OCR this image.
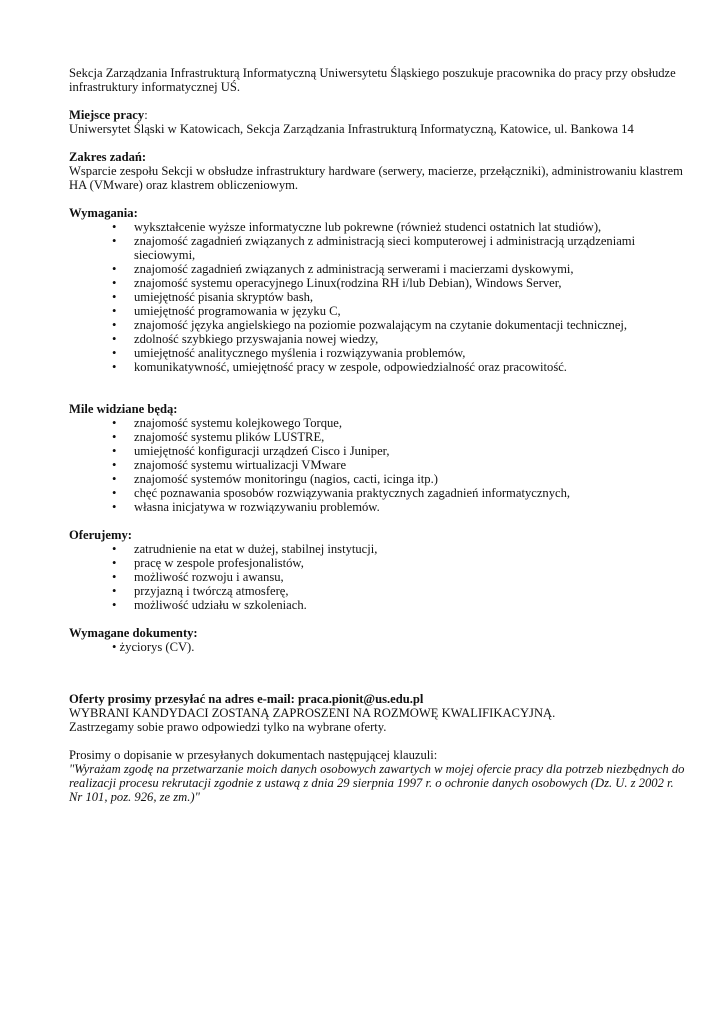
Sekcja Zarządzania Infrastrukturą Informatyczną Uniwersytetu Śląskiego poszukuje pracownika do pracy przy obsłudze infrastruktury informatycznej UŚ.

Miejsce pracy:

Uniwersytet Śląski w Katowicach, Sekcja Zarządzania Infrastrukturą Informatyczną, Katowice, ul. Bankowa 14

Zakres zadań:

Wsparcie zespołu Sekcji w obsłudze infrastruktury hardware (serwery, macierze, przełączniki), administrowaniu klastrem HA (VMware) oraz klastrem obliczeniowym.

Wymagania:

• wykształcenie wyższe informatyczne lub pokrewne (również studenci ostatnich lat studiów),
• znajomość zagadnień związanych z administracją sieci komputerowej i administracją urządzeniami sieciowymi,
• znajomość zagadnień związanych z administracją serwerami i macierzami dyskowymi,
• znajomość systemu operacyjnego Linux(rodzina RH i/lub Debian), Windows Server,
• umiejętność pisania skryptów bash,
• umiejętność programowania w języku C,
• znajomość języka angielskiego na poziomie pozwalającym na czytanie dokumentacji technicznej,
• zdolność szybkiego przyswajania nowej wiedzy,
• umiejętność analitycznego myślenia i rozwiązywania problemów,
• komunikatywność, umiejętność pracy w zespole, odpowiedzialność oraz pracowitość.

Mile widziane będą:

• znajomość systemu kolejkowego Torque,
• znajomość systemu plików LUSTRE,
• umiejętność konfiguracji urządzeń Cisco i Juniper,
• znajomość systemu wirtualizacji VMware
• znajomość systemów monitoringu (nagios, cacti, icinga itp.)
• chęć poznawania sposobów rozwiązywania praktycznych zagadnień informatycznych,
• własna inicjatywa w rozwiązywaniu problemów.

Oferujemy:

• zatrudnienie na etat w dużej, stabilnej instytucji,
• pracę w zespole profesjonalistów,
• możliwość rozwoju i awansu,
• przyjazną i twórczą atmosferę,
• możliwość udziału w szkoleniach.

Wymagane dokumenty:

• życiorys (CV).

Oferty prosimy przesyłać na adres e-mail: praca.pionit@us.edu.pl

WYBRANI KANDYDACI ZOSTANĄ ZAPROSZENI NA ROZMOWĘ KWALIFIKACYJNĄ.

Zastrzegamy sobie prawo odpowiedzi tylko na wybrane oferty.

Prosimy o dopisanie w przesyłanych dokumentach następującej klauzuli:

"Wyrażam zgodę na przetwarzanie moich danych osobowych zawartych w mojej ofercie pracy dla potrzeb niezbędnych do realizacji procesu rekrutacji zgodnie z ustawą z dnia 29 sierpnia 1997 r. o ochronie danych osobowych (Dz. U. z 2002 r. Nr 101, poz. 926, ze zm.)"
